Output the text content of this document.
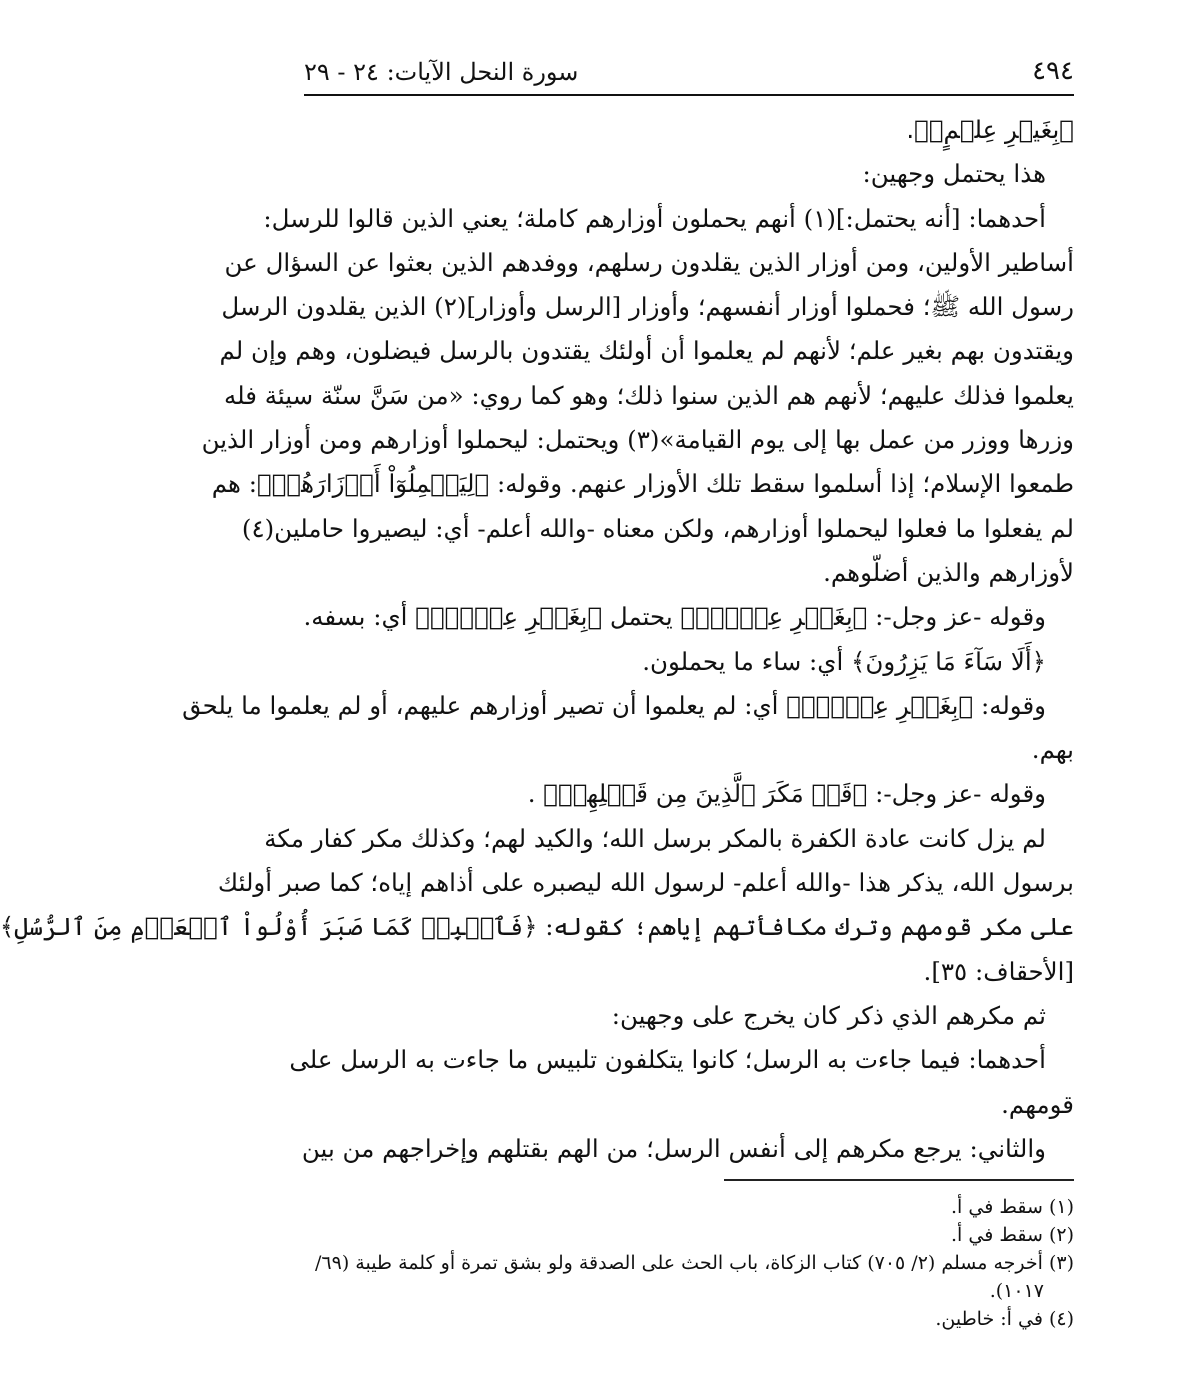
٤٩٤
سورة النحل الآيات: ٢٤ - ٢٩
﴿بِغَيۡرِ عِلۡمٍۗ﴾.
هذا يحتمل وجهين:
أحدهما: [أنه يحتمل:](١) أنهم يحملون أوزارهم كاملة؛ يعني الذين قالوا للرسل:
أساطير الأولين، ومن أوزار الذين يقلدون رسلهم، ووفدهم الذين بعثوا عن السؤال عن
رسول الله ﷺ؛ فحملوا أوزار أنفسهم؛ وأوزار [الرسل وأوزار](٢) الذين يقلدون الرسل
ويقتدون بهم بغير علم؛ لأنهم لم يعلموا أن أولئك يقتدون بالرسل فيضلون، وهم وإن لم
يعلموا فذلك عليهم؛ لأنهم هم الذين سنوا ذلك؛ وهو كما روي: «من سَنَّ سنّة سيئة فله
وزرها ووزر من عمل بها إلى يوم القيامة»(٣) ويحتمل: ليحملوا أوزارهم ومن أوزار الذين
طمعوا الإسلام؛ إذا أسلموا سقط تلك الأوزار عنهم. وقوله: ﴿لِيَحۡمِلُوٓاْ أَوۡزَارَهُمۡ﴾: هم
لم يفعلوا ما فعلوا ليحملوا أوزارهم، ولكن معناه -والله أعلم- أي: ليصيروا حاملين(٤)
لأوزارهم والذين أضلّوهم.
وقوله -عز وجل-: ﴿بِغَيۡرِ عِلۡمٍۗ﴾ يحتمل ﴿بِغَيۡرِ عِلۡمٍۗ﴾ أي: بسفه.
﴿أَلَا سَآءَ مَا يَزِرُونَ﴾ أي: ساء ما يحملون.
وقوله: ﴿بِغَيۡرِ عِلۡمٍۗ﴾ أي: لم يعلموا أن تصير أوزارهم عليهم، أو لم يعلموا ما يلحق
بهم.
وقوله -عز وجل-: ﴿قَدۡ مَكَرَ ٱلَّذِينَ مِن قَبۡلِهِمۡ﴾ .
لم يزل كانت عادة الكفرة بالمكر برسل الله؛ والكيد لهم؛ وكذلك مكر كفار مكة
برسول الله، يذكر هذا -والله أعلم- لرسول الله ليصبره على أذاهم إياه؛ كما صبر أولئك
على مكر قومهم وترك مكافأتهم إياهم؛ كقوله: ﴿فَٱصۡبِرۡ كَمَا صَبَرَ أُوْلُواْ ٱلۡعَزۡمِ مِنَ ٱلرُّسُلِ﴾
[الأحقاف: ٣٥].
ثم مكرهم الذي ذكر كان يخرج على وجهين:
أحدهما: فيما جاءت به الرسل؛ كانوا يتكلفون تلبيس ما جاءت به الرسل على
قومهم.
والثاني: يرجع مكرهم إلى أنفس الرسل؛ من الهم بقتلهم وإخراجهم من بين
(١) سقط في أ.
(٢) سقط في أ.
(٣) أخرجه مسلم (٢/ ٧٠٥) كتاب الزكاة، باب الحث على الصدقة ولو بشق تمرة أو كلمة طيبة (٦٩/
١٠١٧).
(٤) في أ: خاطين.
